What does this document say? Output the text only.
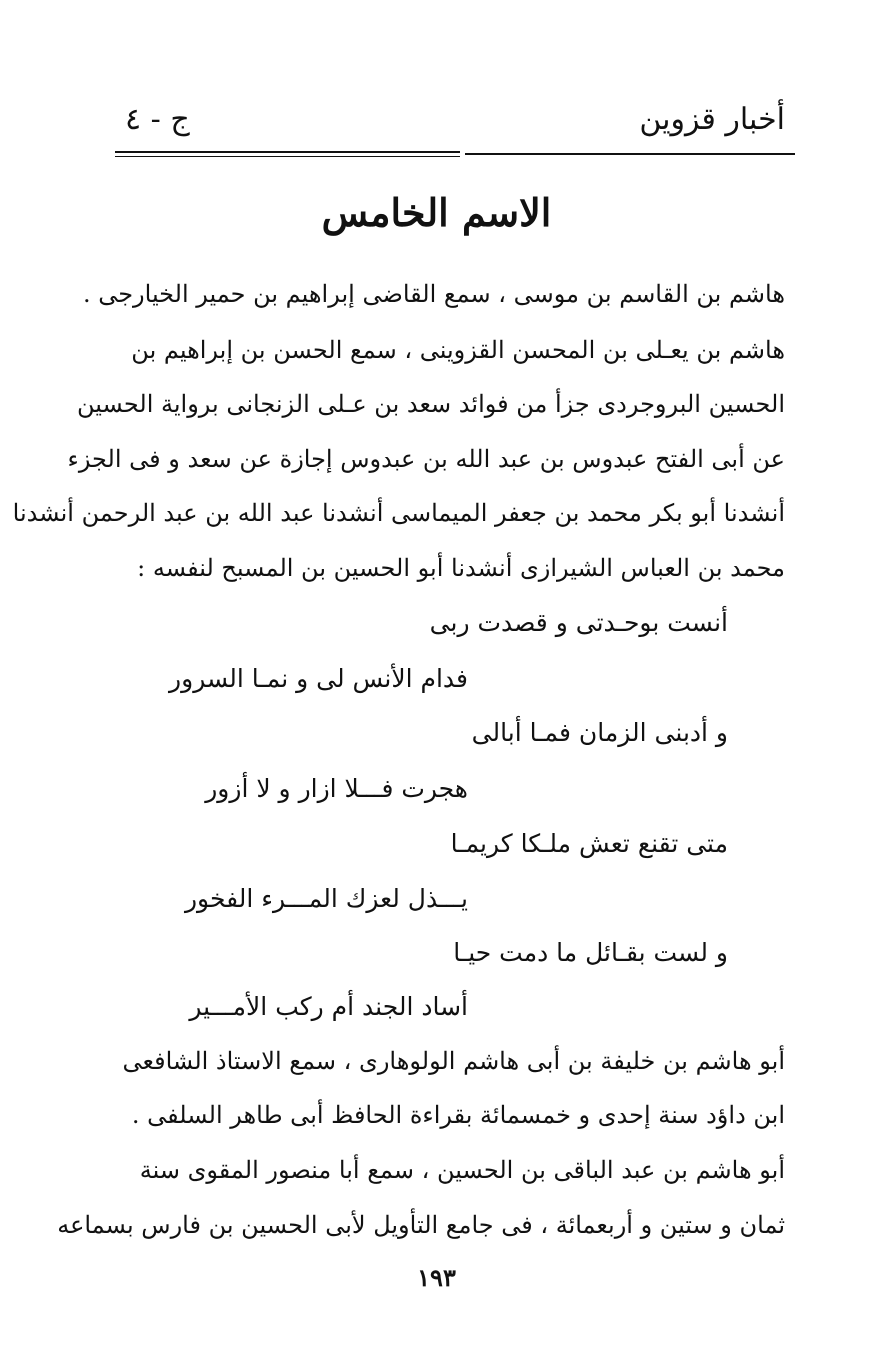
أخبار قزوين
ج - ٤
الاسم الخامس
هاشم بن القاسم بن موسى ، سمع القاضى إبراهيم بن حمير الخيارجى .
هاشم بن يعـلى بن المحسن القزوينى ، سمع الحسن بن إبراهيم بن
الحسين البروجردى جزأ من فوائد سعد بن عـلى الزنجانى برواية الحسين
عن أبى الفتح عبدوس بن عبد الله بن عبدوس إجازة عن سعد و فى الجزء
أنشدنا أبو بكر محمد بن جعفر الميماسى أنشدنا عبد الله بن عبد الرحمن أنشدنا
محمد بن العباس الشيرازى أنشدنا أبو الحسين بن المسبح لنفسه :
أنست بوحـدتى و قصدت ربى
فدام الأنس لى و نمـا السرور
و أدبنى الزمان فمـا أبالى
هجرت فـــلا ازار و لا أزور
متى تقنع تعش ملـكا كريمـا
يـــذل لعزك المـــرء الفخور
و لست بقـائل ما دمت حيـا
أساد الجند أم ركب الأمـــير
أبو هاشم بن خليفة بن أبى هاشم الولوهارى ، سمع الاستاذ الشافعى
ابن داؤد سنة إحدى و خمسمائة بقراءة الحافظ أبى طاهر السلفى .
أبو هاشم بن عبد الباقى بن الحسين ، سمع أبا منصور المقوى سنة
ثمان و ستين و أربعمائة ، فى جامع التأويل لأبى الحسين بن فارس بسماعه
١٩٣
